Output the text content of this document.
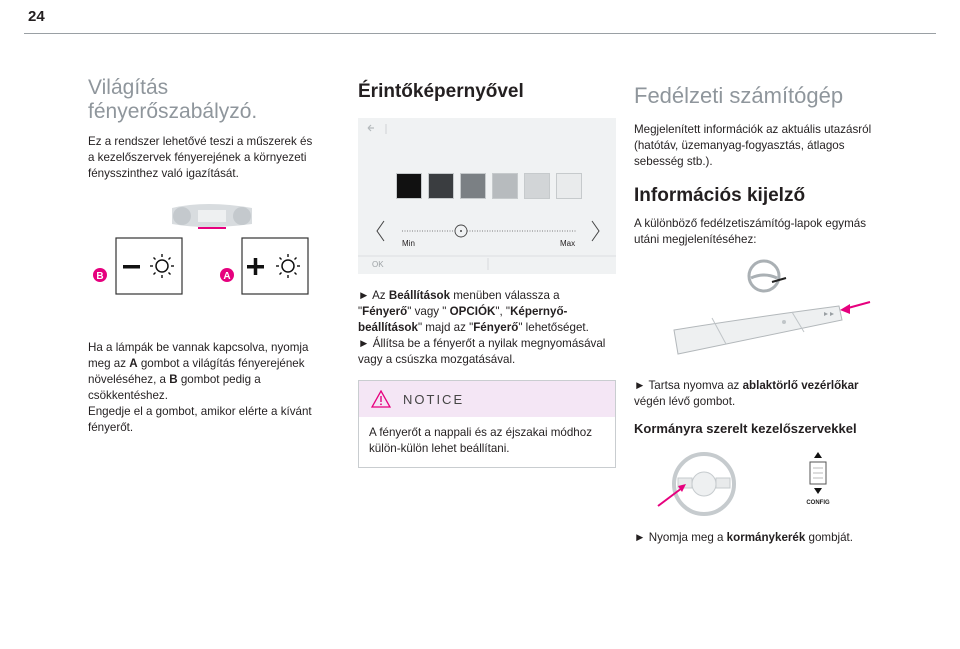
24
Világítás
fényerőszabályzó.

Ez a rendszer lehetővé teszi a műszerek és a kezelőszervek fényerejének a környezeti fénysszinthez való igazítását.

B	A

Ha a lámpák be vannak kapcsolva, nyomja meg az A gombot a világítás fényerejének növeléséhez, a B gombot pedig a csökkentéshez.

Engedje el a gombot, amikor elérte a kívánt fényerőt.

Érintőképernyővel
Min	Max
OK

► Az Beállítások menüben válassza a "Fényerő" vagy " OPCIÓK", "Képernyő-beállítások" majd az "Fényerő" lehetőséget.

► Állítsa be a fényerőt a nyilak megnyomásával vagy a csúszka mozgatásával.

NOTICE
A fényerőt a nappali és az éjszakai módhoz külön-külön lehet beállítani.
Fedélzeti számítógép

Megjelenített információk az aktuális utazásról (hatótáv, üzemanyag-fogyasztás, átlagos sebesség stb.).

Információs kijelző

A különböző fedélzetiszámítóg-lapok egymás utáni megjelenítéséhez:

► Tartsa nyomva az ablaktörlő vezérlőkar végén lévő gombot.

Kormányra szerelt kezelőszervekkel
CONFIG

► Nyomja meg a kormánykerék gombját.
